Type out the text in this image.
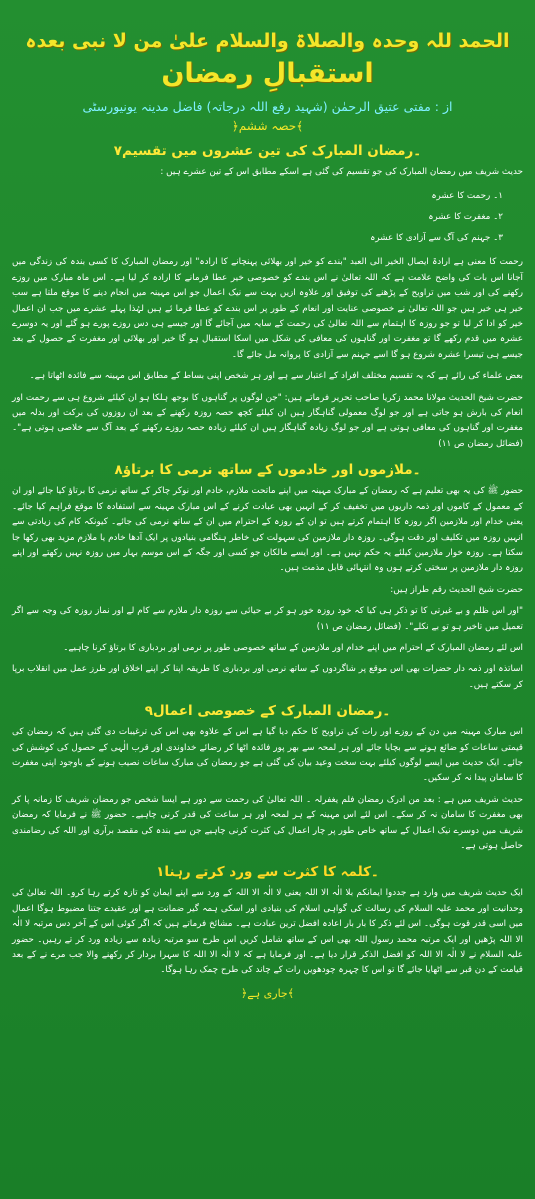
الحمد للہ وحدہ والصلاۃ والسلام علیٰ من لا نبی بعدہ
استقبالِ رمضان
از : مفتی عتیق الرحمٰن (شہید رفع اللہ درجاتہ) فاضل مدینہ یونیورسٹی
﴿حصہ ششم﴾
۷۔رمضان المبارک کی تین عشروں میں تقسیم

حدیث شریف میں رمضان المبارک کی جو تقسیم کی گئی ہے اسکے مطابق اس کے تین عشرے ہیں :

۱۔ رحمت کا عشرہ
۲۔ مغفرت کا عشرہ
۳۔ جہنم کی آگ سے آزادی کا عشرہ

رحمت کا معنی ہے ارادۃ ایصال الخیر الی العبد "بندے کو خیر اور بھلائی پہنچانے کا ارادہ" اور رمضان المبارک کا کسی بندہ کی زندگی میں آجانا اس بات کی واضح علامت ہے کہ اللہ تعالیٰ نے اس بندے کو خصوصی خیر عطا فرمانے کا ارادہ کر لیا ہے۔ اس ماہ مبارک میں روزے رکھنے کی اور شب میں تراویح کے پڑھنے کی توفیق اور علاوہ ازیں بہت سے نیک اعمال جو اس مہینہ میں انجام دینے کا موقع ملتا ہے سب خیر ہی خیر ہیں جو اللہ تعالیٰ نے خصوصی عنایت اور انعام کے طور پر اس بندے کو عطا فرما ئے ہیں لہٰذا پہلے عشرے میں جب ان اعمال خیر کو ادا کر لیا تو جو روزہ کا اہتمام سے اللہ تعالیٰ کی رحمت کے سایہ میں آجائے گا اور جیسے ہی دس روزے پورے ہو گئے اور یہ دوسرے عشرہ میں قدم رکھے گا تو مغفرت اور گناہوں کی معافی کی شکل میں اسکا استقبال ہو گا خیر اور بھلائی اور مغفرت کے حصول کے بعد جیسے ہی تیسرا عشرہ شروع ہو گا اسے جہنم سے آزادی کا پروانہ مل جائے گا۔

بعض علماء کی رائے ہے کہ یہ تقسیم مختلف افراد کے اعتبار سے ہے اور ہر شخص اپنی بساط کے مطابق اس مہینہ سے فائدہ اٹھاتا ہے۔

حضرت شیخ الحدیث مولانا محمد زکریا صاحب تحریر فرماتے ہیں: "جن لوگوں پر گناہوں کا بوجھ ہلکا ہو ان کیلئے شروع ہی سے رحمت اور انعام کی بارش ہو جاتی ہے اور جو لوگ معمولی گناہگار ہیں ان کیلئے کچھ حصہ روزہ رکھنے کے بعد ان روزوں کی برکت اور بدلہ میں مغفرت اور گناہوں کی معافی ہوتی ہے اور جو لوگ زیادہ گناہگار ہیں ان کیلئے زیادہ حصہ روزے رکھنے کے بعد آگ سے خلاصی ہوتی ہے"۔ (فضائل رمضان ص ۱۱)

۸۔ملازموں اور خادموں کے ساتھ نرمی کا برتاؤ

حضور ﷺ کی یہ بھی تعلیم ہے کہ رمضان کے مبارک مہینہ میں اپنے ماتحت ملازم، خادم اور نوکر چاکر کے ساتھ نرمی کا برتاؤ کیا جائے اور ان کے معمول کے کاموں اور ذمہ داریوں میں تخفیف کر کے انہیں بھی عبادت کرنے کے اس مبارک مہینہ سے استفادہ کا موقع فراہم کیا جائے۔ یعنی خدام اور ملازمین اگر روزہ کا اہتمام کرتے ہیں تو ان کے روزہ کے احترام میں ان کے ساتھ نرمی کی جائے۔ کیونکہ کام کی زیادتی سے انہیں روزہ میں تکلیف اور دقت ہوگی۔ روزہ دار ملازمین کی سہولت کی خاطر ہنگامی بنیادوں پر ایک آدھا خادم یا ملازم مزید بھی رکھا جا سکتا ہے۔ روزہ خوار ملازمین کیلئے یہ حکم نہیں ہے۔ اور ایسے مالکان جو کسی اور جگہ کے اس موسم بہار میں روزہ نہیں رکھتے اور اپنے روزہ دار ملازمین پر سختی کرتے ہوں وہ انتہائی قابل مذمت ہیں۔

حضرت شیخ الحدیث رقم طراز ہیں:

"اور اس ظلم و بے غیرتی کا تو ذکر ہی کیا کہ خود روزہ خور ہو کر بے حیائی سے روزہ دار ملازم سے کام لے اور نماز روزہ کی وجہ سے اگر تعمیل میں تاخیر ہو تو بے نکلے"۔ (فضائل رمضان ص ۱۱)

اس لئے رمضان المبارک کے احترام میں اپنے خدام اور ملازمین کے ساتھ خصوصی طور پر نرمی اور بردباری کا برتاؤ کرنا چاہیے۔

اساتذہ اور ذمہ دار حضرات بھی اس موقع پر شاگردوں کے ساتھ نرمی اور بردباری کا طریقہ اپنا کر اپنے اخلاق اور طرز عمل میں انقلاب برپا کر سکتے ہیں۔

۹۔رمضان المبارک کے خصوصی اعمال

اس مبارک مہینہ میں دن کے روزے اور رات کی تراویح کا حکم دیا گیا ہے اس کے علاوہ بھی اس کی ترغیبات دی گئی ہیں کہ رمضان کی قیمتی ساعات کو ضائع ہونے سے بچایا جائے اور ہر لمحہ سے بھر پور فائدہ اٹھا کر رضائے خداوندی اور قرب الٰہی کے حصول کی کوشش کی جائے۔ ایک حدیث میں ایسے لوگوں کیلئے بہت سخت وعید بیان کی گئی ہے جو رمضان کی مبارک ساعات نصیب ہونے کے باوجود اپنی مغفرت کا سامان پیدا نہ کر سکیں۔

حدیث شریف میں ہے : بعد من ادرک رمضان فلم یغفرلہ ۔ اللہ تعالیٰ کی رحمت سے دور ہے ایسا شخص جو رمضان شریف کا زمانہ پا کر بھی مغفرت کا سامان نہ کر سکے۔ اس لئے اس مہینہ کے ہر لمحہ اور ہر ساعت کی قدر کرنی چاہیے۔ حضور ﷺ نے فرمایا کہ رمضان شریف میں دوسرے نیک اعمال کے ساتھ خاص طور پر چار اعمال کی کثرت کرنی چاہیے جن سے بندہ کی مقصد برآری اور اللہ کی رضامندی حاصل ہوتی ہے۔

۱۔کلمہ کا کثرت سے ورد کرتے رہنا

ایک حدیث شریف میں وارد ہے جددوا ایمانکم بلا الٰہ الا اللہ یعنی لا الٰہ الا اللہ کے ورد سے اپنے ایمان کو تازہ کرتے رہا کرو۔ اللہ تعالیٰ کی وحدانیت اور محمد علیہ السلام کی رسالت کی گواہی اسلام کی بنیادی اور اسکی ہمہ گیر ضمانت ہے اور عقیدے جتنا مضبوط ہوگا اعمال میں اسی قدر قوت ہوگی۔ اس لئے ذکر کا بار بار اعادہ افضل ترین عبادت ہے۔ مشائخ فرماتے ہیں کہ اگر کوئی اس کے آخر دس مرتبہ لا الٰہ الا اللہ پڑھیں اور ایک مرتبہ محمد رسول اللہ بھی اس کے ساتھ شامل کریں اس طرح سو مرتبہ زیادہ سے زیادہ ورد کر تے رہیں۔ حضور علیہ السلام نے لا الٰہ الا اللہ کو افضل الذکر قرار دیا ہے۔ اور فرمایا ہے کہ لا الٰہ الا اللہ کا سہرا بردار کر رکھنے والا جب مرے نے کے بعد قیامت کے دن قبر سے اٹھایا جائے گا تو اس کا چہرہ چودھویں رات کے چاند کی طرح چمک رہا ہوگا۔

﴿جاری ہے﴾
